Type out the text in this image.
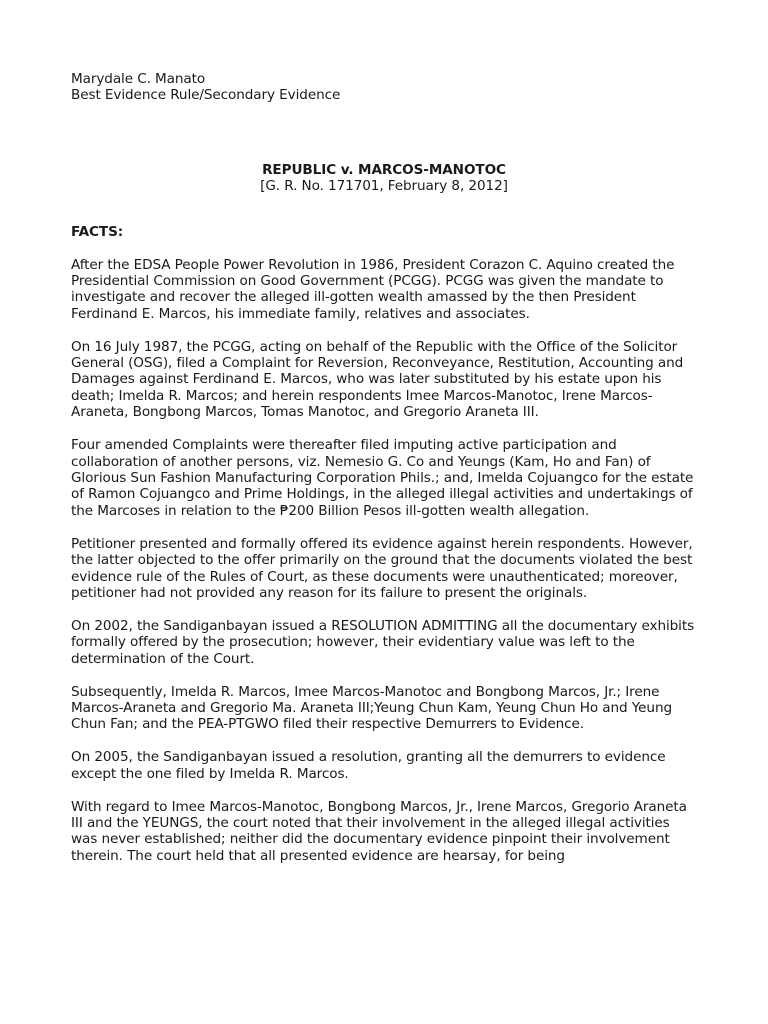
Marydale C. Manato

Best Evidence Rule/Secondary Evidence

REPUBLIC v. MARCOS-MANOTOC

[G. R. No. 171701, February 8, 2012]

FACTS:

After the EDSA People Power Revolution in 1986, President Corazon C. Aquino created the Presidential Commission on Good Government (PCGG). PCGG was given the mandate to investigate and recover the alleged ill-gotten wealth amassed by the then President Ferdinand E. Marcos, his immediate family, relatives and associates.

On 16 July 1987, the PCGG, acting on behalf of the Republic with the Office of the Solicitor General (OSG), filed a Complaint for Reversion, Reconveyance, Restitution, Accounting and Damages against Ferdinand E. Marcos, who was later substituted by his estate upon his death; Imelda R. Marcos; and herein respondents Imee Marcos-Manotoc, Irene Marcos-Araneta, Bongbong Marcos, Tomas Manotoc, and Gregorio Araneta III.

Four amended Complaints were thereafter filed imputing active participation and collaboration of another persons, viz. Nemesio G. Co and Yeungs (Kam, Ho and Fan) of Glorious Sun Fashion Manufacturing Corporation Phils.; and, Imelda Cojuangco for the estate of Ramon Cojuangco and Prime Holdings, in the alleged illegal activities and undertakings of the Marcoses in relation to the ₱200 Billion Pesos ill-gotten wealth allegation.

Petitioner presented and formally offered its evidence against herein respondents. However, the latter objected to the offer primarily on the ground that the documents violated the best evidence rule of the Rules of Court, as these documents were unauthenticated; moreover, petitioner had not provided any reason for its failure to present the originals.

On 2002, the Sandiganbayan issued a RESOLUTION ADMITTING all the documentary exhibits formally offered by the prosecution; however, their evidentiary value was left to the determination of the Court.

Subsequently, Imelda R. Marcos, Imee Marcos-Manotoc and Bongbong Marcos, Jr.; Irene Marcos-Araneta and Gregorio Ma. Araneta III;Yeung Chun Kam, Yeung Chun Ho and Yeung Chun Fan; and the PEA-PTGWO filed their respective Demurrers to Evidence.

On 2005, the Sandiganbayan issued a resolution, granting all the demurrers to evidence except the one filed by Imelda R. Marcos.

With regard to Imee Marcos-Manotoc, Bongbong Marcos, Jr., Irene Marcos, Gregorio Araneta III and the YEUNGS, the court noted that their involvement in the alleged illegal activities was never established; neither did the documentary evidence pinpoint their involvement therein. The court held that all presented evidence are hearsay, for being
